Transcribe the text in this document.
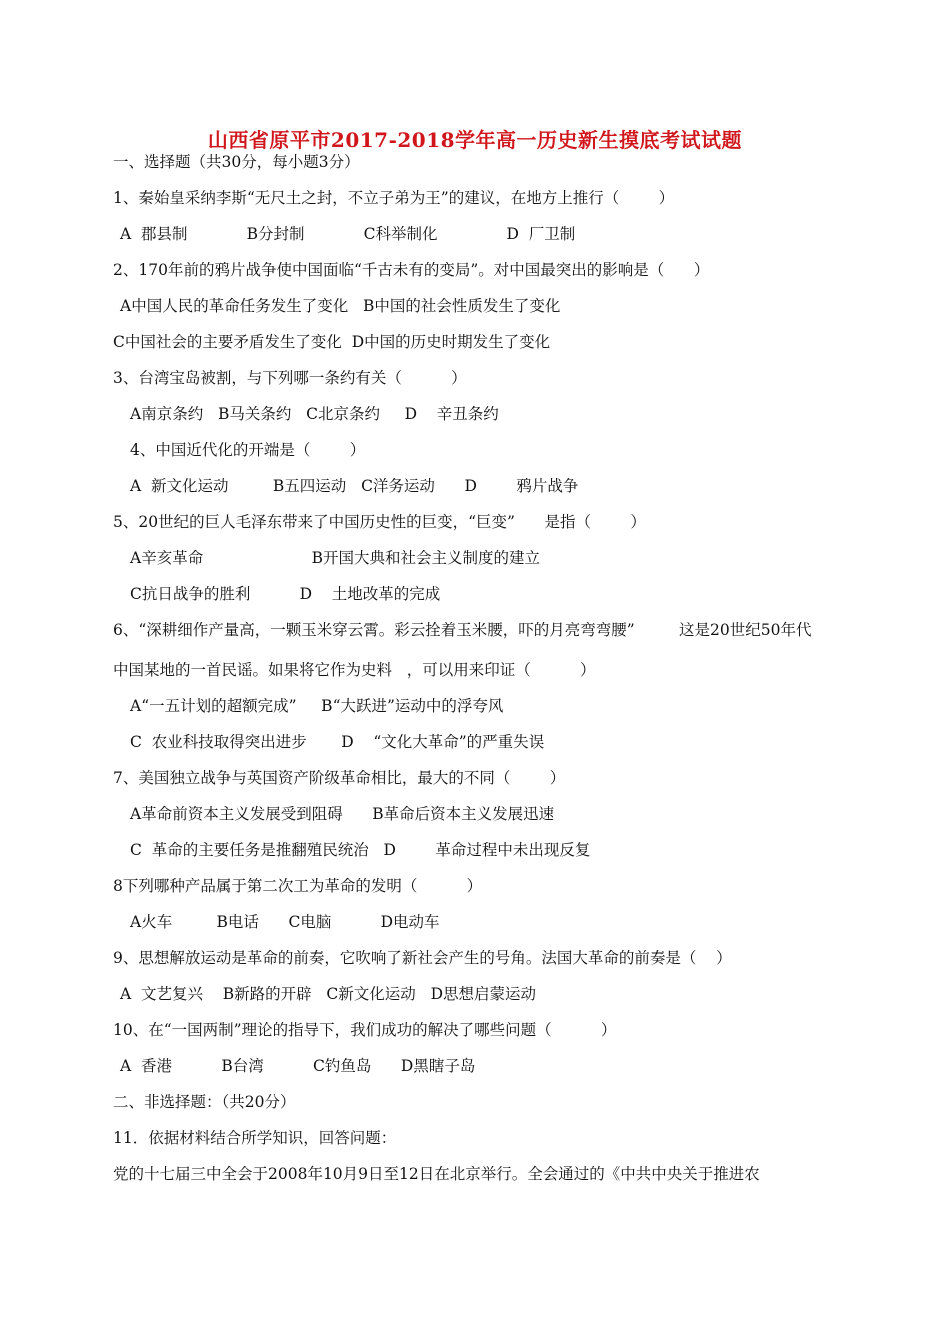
山西省原平市2017-2018学年高一历史新生摸底考试试题
一、选择题（共30分，每小题3分）
1、秦始皇采纳李斯“无尺土之封，不立子弟为王”的建议，在地方上推行（        ）
A  郡县制            B分封制            C科举制化              D  厂卫制
2、170年前的鸦片战争使中国面临“千古未有的变局”。对中国最突出的影响是（      ）
A中国人民的革命任务发生了变化   B中国的社会性质发生了变化
C中国社会的主要矛盾发生了变化  D中国的历史时期发生了变化
3、台湾宝岛被割，与下列哪一条约有关（          ）
A南京条约   B马关条约   C北京条约     D    辛丑条约
4、中国近代化的开端是（        ）
A  新文化运动         B五四运动   C洋务运动      D        鸦片战争
5、20世纪的巨人毛泽东带来了中国历史性的巨变，“巨变”      是指（        ）
A辛亥革命                      B开国大典和社会主义制度的建立
C抗日战争的胜利          D    土地改革的完成
6、“深耕细作产量高，一颗玉米穿云霄。彩云拴着玉米腰，吓的月亮弯弯腰”         这是20世纪50年代
中国某地的一首民谣。如果将它作为史料   ，可以用来印证（          ）
A“一五计划的超额完成”     B“大跃进”运动中的浮夸风
C  农业科技取得突出进步       D    “文化大革命”的严重失误
7、美国独立战争与英国资产阶级革命相比，最大的不同（        ）
A革命前资本主义发展受到阻碍      B革命后资本主义发展迅速
C  革命的主要任务是推翻殖民统治   D        革命过程中未出现反复
8下列哪种产品属于第二次工为革命的发明（          ）
A火车         B电话      C电脑          D电动车
9、思想解放运动是革命的前奏，它吹响了新社会产生的号角。法国大革命的前奏是（    ）
A  文艺复兴    B新路的开辟   C新文化运动   D思想启蒙运动
10、在“一国两制”理论的指导下，我们成功的解决了哪些问题（          ）
A  香港          B台湾          C钓鱼岛      D黑瞎子岛
二、非选择题：（共20分）
11．依据材料结合所学知识，回答问题：
党的十七届三中全会于2008年10月9日至12日在北京举行。全会通过的《中共中央关于推进农
